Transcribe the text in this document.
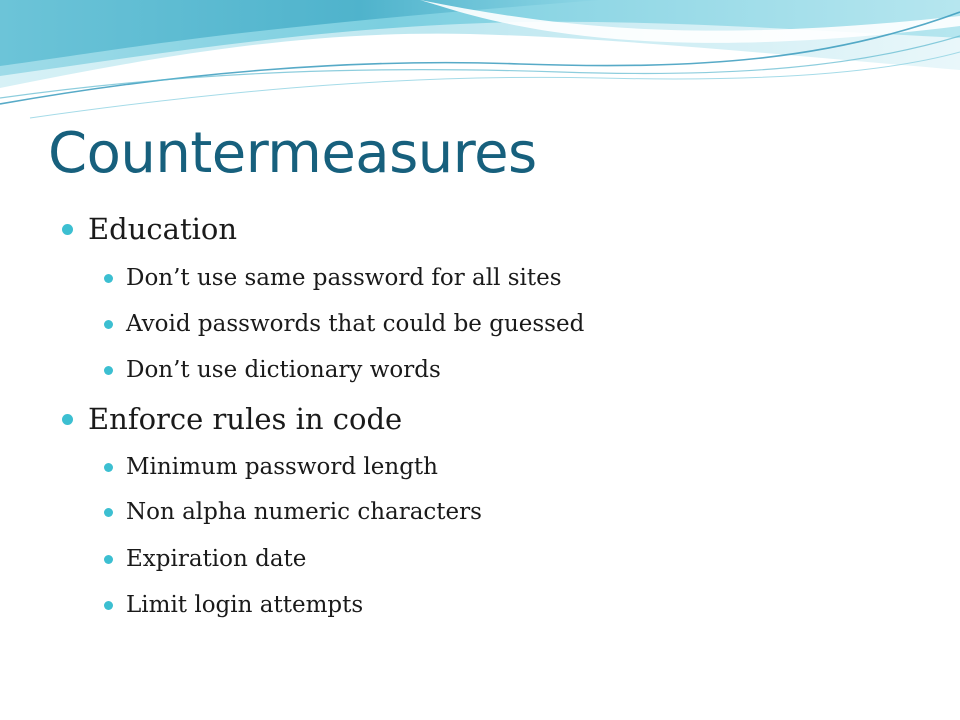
Countermeasures

Education

Don’t use same password for all sites

Avoid passwords that could be guessed

Don’t use dictionary words

Enforce rules in code

Minimum password length

Non alpha numeric characters

Expiration date

Limit login attempts
